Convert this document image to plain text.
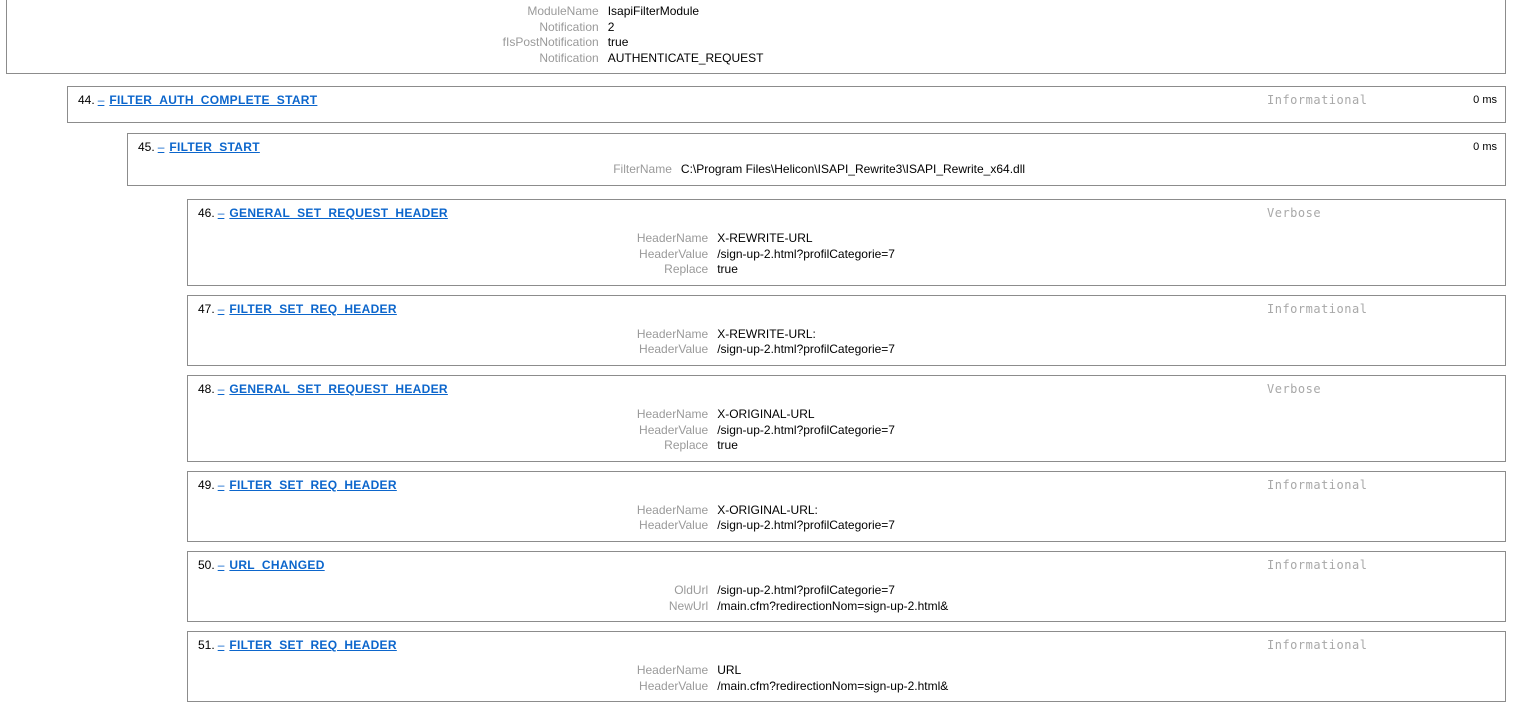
ModuleName IsapiFilterModule
Notification 2
fIsPostNotification true
Notification AUTHENTICATE_REQUEST
44. – FILTER_AUTH_COMPLETE_START	Informational	0 ms
45. – FILTER_START	0 ms
FilterName C:\Program Files\Helicon\ISAPI_Rewrite3\ISAPI_Rewrite_x64.dll
46. – GENERAL_SET_REQUEST_HEADER	Verbose
HeaderName X-REWRITE-URL
HeaderValue /sign-up-2.html?profilCategorie=7
Replace true
47. – FILTER_SET_REQ_HEADER	Informational
HeaderName X-REWRITE-URL:
HeaderValue /sign-up-2.html?profilCategorie=7
48. – GENERAL_SET_REQUEST_HEADER	Verbose
HeaderName X-ORIGINAL-URL
HeaderValue /sign-up-2.html?profilCategorie=7
Replace true
49. – FILTER_SET_REQ_HEADER	Informational
HeaderName X-ORIGINAL-URL:
HeaderValue /sign-up-2.html?profilCategorie=7
50. – URL_CHANGED	Informational
OldUrl /sign-up-2.html?profilCategorie=7
NewUrl /main.cfm?redirectionNom=sign-up-2.html&
51. – FILTER_SET_REQ_HEADER	Informational
HeaderName URL
HeaderValue /main.cfm?redirectionNom=sign-up-2.html&
